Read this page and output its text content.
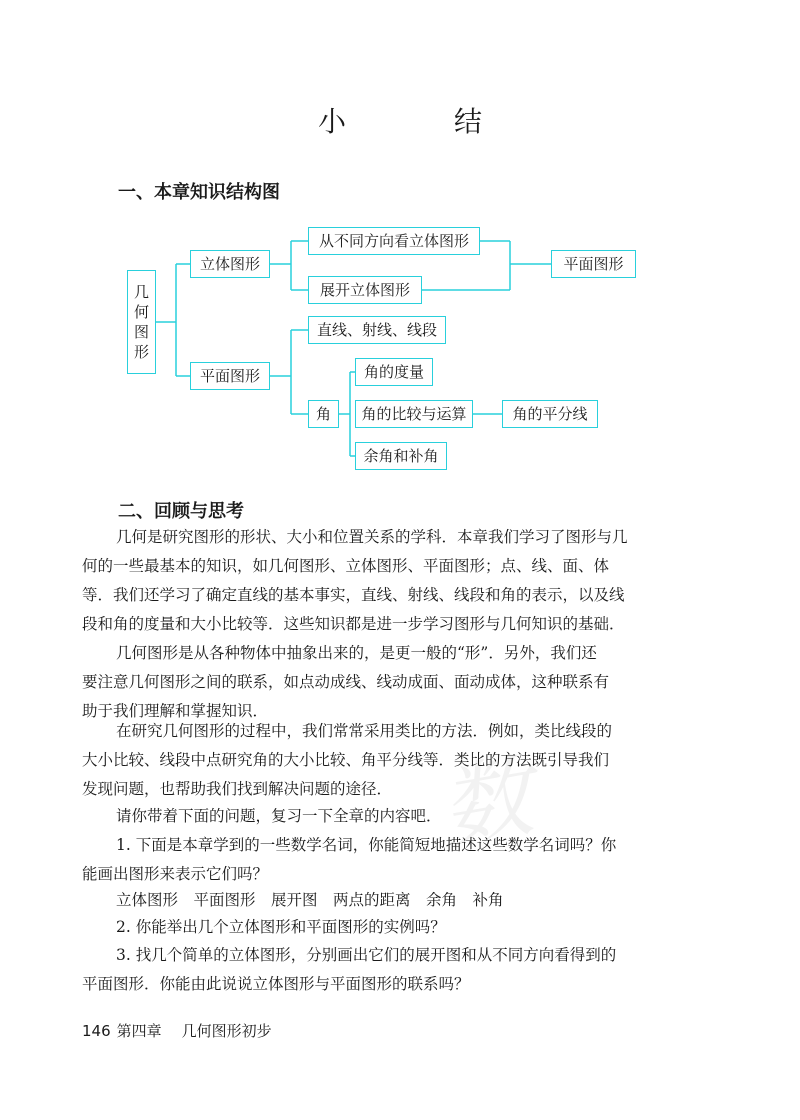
数
小　结
一、本章知识结构图
几
何
图
形
立体图形
平面图形
从不同方向看立体图形
展开立体图形
平面图形
直线、射线、线段
角
角的度量
角的比较与运算	角的平分线
余角和补角
二、回顾与思考
几何是研究图形的形状、大小和位置关系的学科．本章我们学习了图形与几
何的一些最基本的知识，如几何图形、立体图形、平面图形；点、线、面、体
等．我们还学习了确定直线的基本事实，直线、射线、线段和角的表示，以及线
段和角的度量和大小比较等．这些知识都是进一步学习图形与几何知识的基础．
几何图形是从各种物体中抽象出来的，是更一般的“形”．另外，我们还
要注意几何图形之间的联系，如点动成线、线动成面、面动成体，这种联系有
助于我们理解和掌握知识．
在研究几何图形的过程中，我们常常采用类比的方法．例如，类比线段的
大小比较、线段中点研究角的大小比较、角平分线等．类比的方法既引导我们
发现问题，也帮助我们找到解决问题的途径．
请你带着下面的问题，复习一下全章的内容吧．
1. 下面是本章学到的一些数学名词，你能简短地描述这些数学名词吗？你
能画出图形来表示它们吗？
立体图形　平面图形　展开图　两点的距离　余角　补角
2. 你能举出几个立体图形和平面图形的实例吗？
3. 找几个简单的立体图形，分别画出它们的展开图和从不同方向看得到的
平面图形．你能由此说说立体图形与平面图形的联系吗？
146 第四章 几何图形初步
